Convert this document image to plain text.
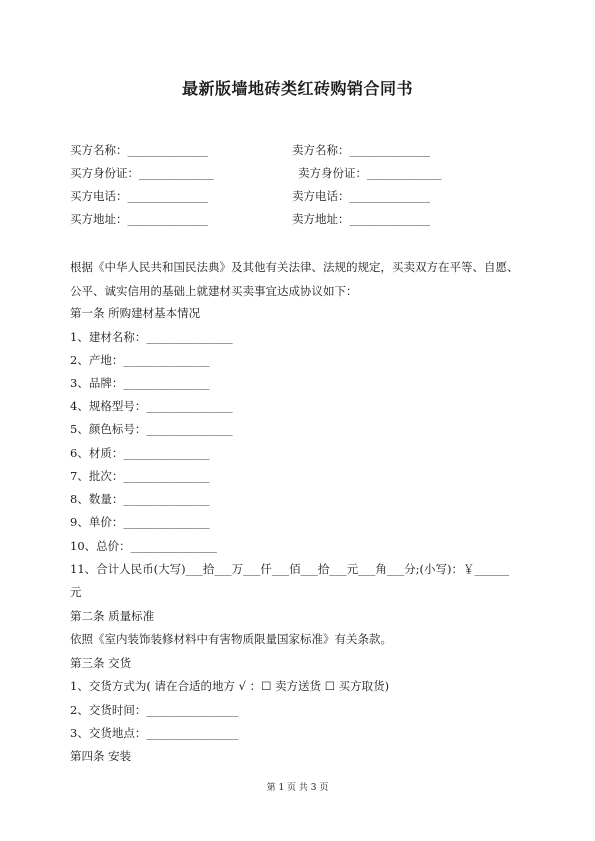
最新版墙地砖类红砖购销合同书
买方名称：______________	卖方名称：______________
买方身份证：_____________	卖方身份证：_____________
买方电话：______________	卖方电话：______________
买方地址：______________	卖方地址：______________
根据《中华人民共和国民法典》及其他有关法律、法规的规定，买卖双方在平等、自愿、
公平、诚实信用的基础上就建材买卖事宜达成协议如下：
第一条 所购建材基本情况
1、建材名称：_______________
2、产地：_______________
3、品牌：_______________
4、规格型号：_______________
5、颜色标号：_______________
6、材质：_______________
7、批次：_______________
8、数量：_______________
9、单价：_______________
10、总价：_______________
11、合计人民币(大写)___拾___万___仟___佰___拾___元___角___分;(小写)：￥______
元
第二条 质量标准
依照《室内装饰装修材料中有害物质限量国家标准》有关条款。
第三条 交货
1、交货方式为( 请在合适的地方 √ ：☐ 卖方送货 ☐ 买方取货)
2、交货时间：________________
3、交货地点：________________
第四条 安装
第 1 页 共 3 页
